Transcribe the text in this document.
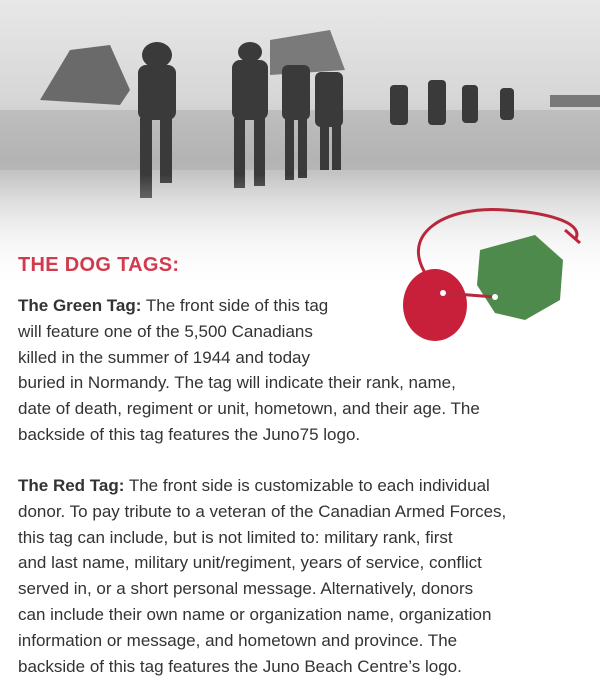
THE DOG TAGS:
The Green Tag: The front side of this tag
will feature one of the 5,500 Canadians
killed in the summer of 1944 and today
buried in Normandy. The tag will indicate their rank, name,
date of death, regiment or unit, hometown, and their age. The
backside of this tag features the Juno75 logo.
The Red Tag: The front side is customizable to each individual
donor. To pay tribute to a veteran of the Canadian Armed Forces,
this tag can include, but is not limited to: military rank, first
and last name, military unit/regiment, years of service, conflict
served in, or a short personal message. Alternatively, donors
can include their own name or organization name, organization
information or message, and hometown and province. The
backside of this tag features the Juno Beach Centre’s logo.
